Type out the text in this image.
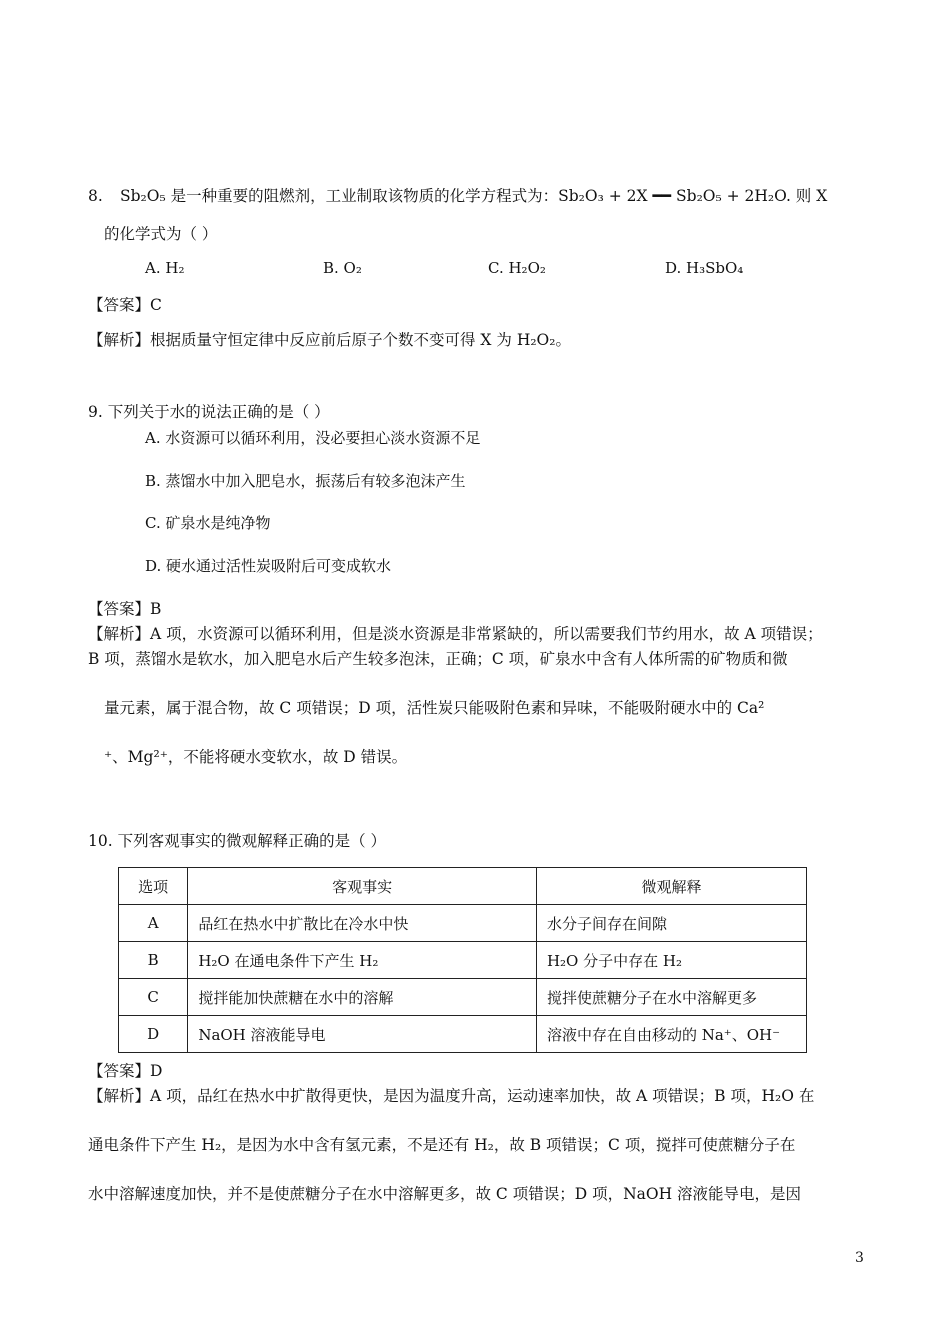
8. Sb₂O₅ 是一种重要的阻燃剂，工业制取该物质的化学方程式为：Sb₂O₃ + 2X ━━ Sb₂O₅ + 2H₂O. 则 X
的化学式为（ ）
A. H₂	B. O₂	C. H₂O₂	D. H₃SbO₄
【答案】C
【解析】根据质量守恒定律中反应前后原子个数不变可得 X 为 H₂O₂。
9. 下列关于水的说法正确的是（ ）
A. 水资源可以循环利用，没必要担心淡水资源不足
B. 蒸馏水中加入肥皂水，振荡后有较多泡沫产生
C. 矿泉水是纯净物
D. 硬水通过活性炭吸附后可变成软水
【答案】B
【解析】A 项，水资源可以循环利用，但是淡水资源是非常紧缺的，所以需要我们节约用水，故 A 项错误；
B 项，蒸馏水是软水，加入肥皂水后产生较多泡沫，正确；C 项，矿泉水中含有人体所需的矿物质和微
量元素，属于混合物，故 C 项错误；D 项，活性炭只能吸附色素和异味，不能吸附硬水中的 Ca²
⁺、Mg²⁺，不能将硬水变软水，故 D 错误。
10. 下列客观事实的微观解释正确的是（ ）
选项	客观事实	微观解释
A	品红在热水中扩散比在冷水中快	水分子间存在间隙
B	H₂O 在通电条件下产生 H₂	H₂O 分子中存在 H₂
C	搅拌能加快蔗糖在水中的溶解	搅拌使蔗糖分子在水中溶解更多
D	NaOH 溶液能导电	溶液中存在自由移动的 Na⁺、OH⁻
【答案】D
【解析】A 项，品红在热水中扩散得更快，是因为温度升高，运动速率加快，故 A 项错误；B 项，H₂O 在
通电条件下产生 H₂，是因为水中含有氢元素，不是还有 H₂，故 B 项错误；C 项，搅拌可使蔗糖分子在
水中溶解速度加快，并不是使蔗糖分子在水中溶解更多，故 C 项错误；D 项，NaOH 溶液能导电，是因
3
